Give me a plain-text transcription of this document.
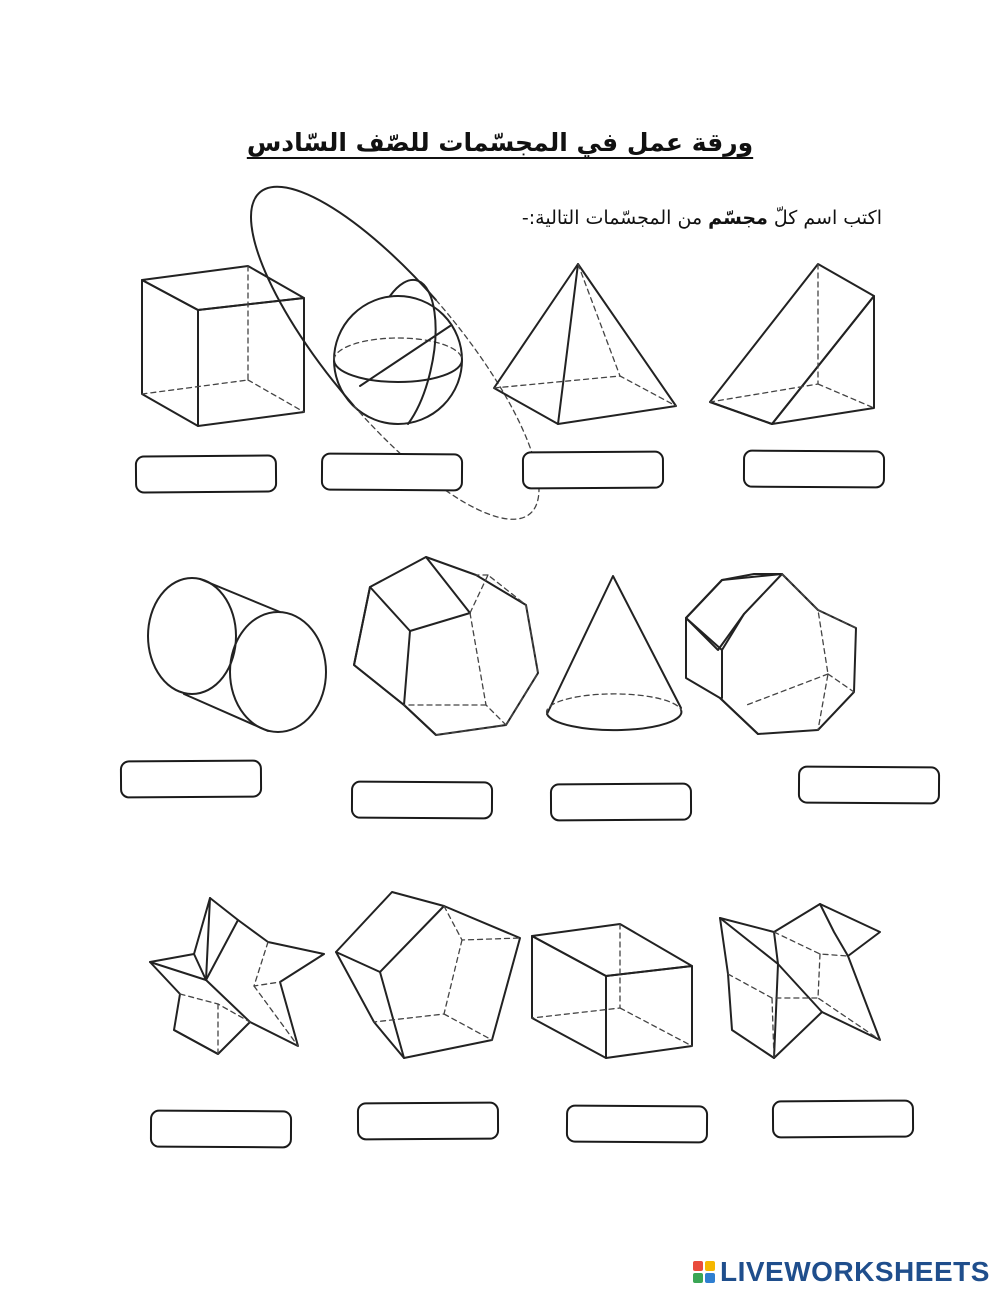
ورقة عمل في المجسّمات للصّف السّادس
اكتب اسم كلّ مجسّم من المجسّمات التالية:-
LIVEWORKSHEETS
